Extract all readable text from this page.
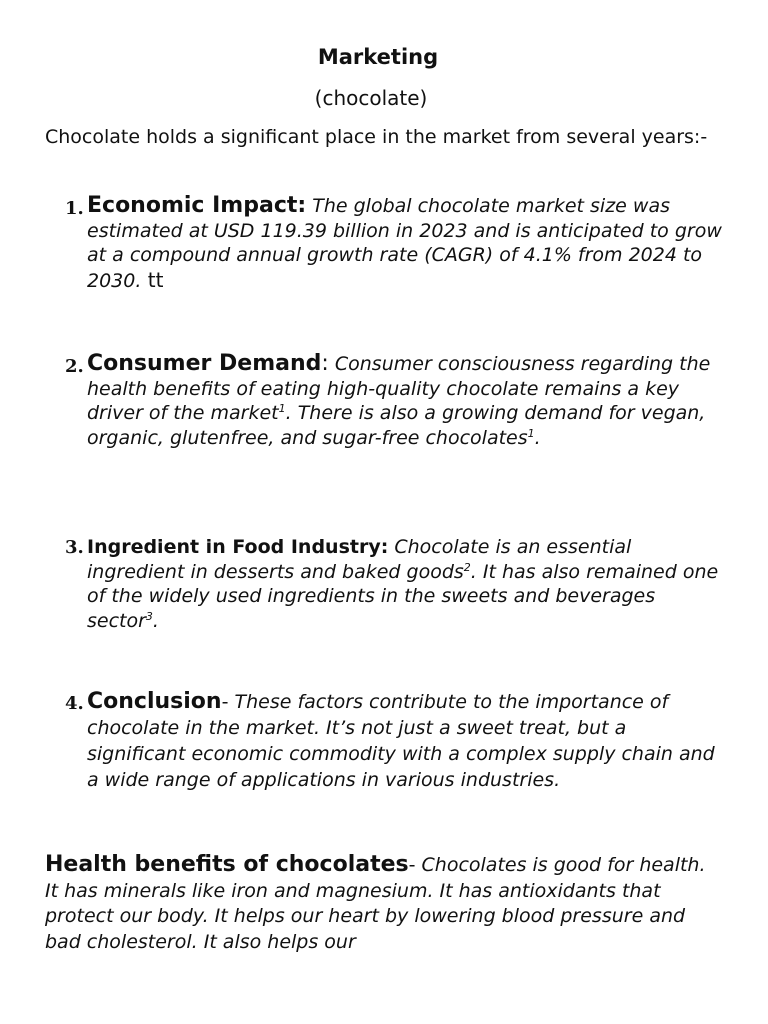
Marketing
(chocolate)
Chocolate holds a significant place in the market from several years:-
1. Economic Impact: The global chocolate market size was estimated at USD 119.39 billion in 2023 and is anticipated to grow at a compound annual growth rate (CAGR) of 4.1% from 2024 to 2030. tt
2. Consumer Demand: Consumer consciousness regarding the health benefits of eating high-quality chocolate remains a key driver of the market$^1$. There is also a growing demand for vegan, organic, glutenfree, and sugar-free chocolates$^1$.
3. Ingredient in Food Industry: Chocolate is an essential ingredient in desserts and baked goods$^2$. It has also remained one of the widely used ingredients in the sweets and beverages sector$^3$.
4. Conclusion- These factors contribute to the importance of chocolate in the market. It’s not just a sweet treat, but a significant economic commodity with a complex supply chain and a wide range of applications in various industries.
Health benefits of chocolates- Chocolates is good for health. It has minerals like iron and magnesium. It has antioxidants that protect our body. It helps our heart by lowering blood pressure and bad cholesterol. It also helps our
